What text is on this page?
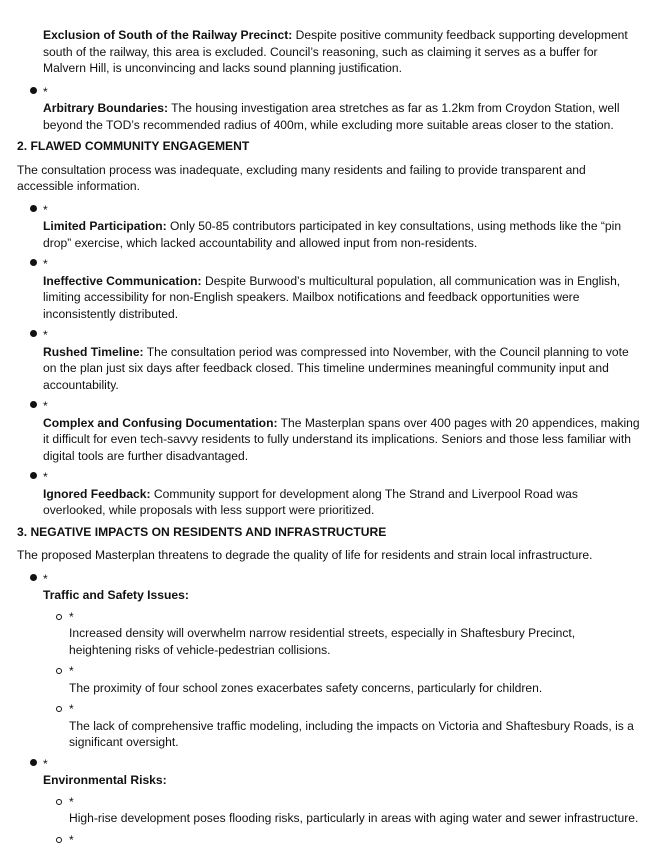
Exclusion of South of the Railway Precinct: Despite positive community feedback supporting development south of the railway, this area is excluded. Council’s reasoning, such as claiming it serves as a buffer for Malvern Hill, is unconvincing and lacks sound planning justification.

*

Arbitrary Boundaries: The housing investigation area stretches as far as 1.2km from Croydon Station, well beyond the TOD’s recommended radius of 400m, while excluding more suitable areas closer to the station.

2. FLAWED COMMUNITY ENGAGEMENT

The consultation process was inadequate, excluding many residents and failing to provide transparent and accessible information.

*

Limited Participation: Only 50-85 contributors participated in key consultations, using methods like the “pin drop” exercise, which lacked accountability and allowed input from non-residents.

*

Ineffective Communication: Despite Burwood’s multicultural population, all communication was in English, limiting accessibility for non-English speakers. Mailbox notifications and feedback opportunities were inconsistently distributed.

*

Rushed Timeline: The consultation period was compressed into November, with the Council planning to vote on the plan just six days after feedback closed. This timeline undermines meaningful community input and accountability.

*

Complex and Confusing Documentation: The Masterplan spans over 400 pages with 20 appendices, making it difficult for even tech-savvy residents to fully understand its implications. Seniors and those less familiar with digital tools are further disadvantaged.

*

Ignored Feedback: Community support for development along The Strand and Liverpool Road was overlooked, while proposals with less support were prioritized.

3. NEGATIVE IMPACTS ON RESIDENTS AND INFRASTRUCTURE

The proposed Masterplan threatens to degrade the quality of life for residents and strain local infrastructure.

*

Traffic and Safety Issues:

*

Increased density will overwhelm narrow residential streets, especially in Shaftesbury Precinct, heightening risks of vehicle-pedestrian collisions.

*

The proximity of four school zones exacerbates safety concerns, particularly for children.

*

The lack of comprehensive traffic modeling, including the impacts on Victoria and Shaftesbury Roads, is a significant oversight.

*

Environmental Risks:

*

High-rise development poses flooding risks, particularly in areas with aging water and sewer infrastructure.

*
